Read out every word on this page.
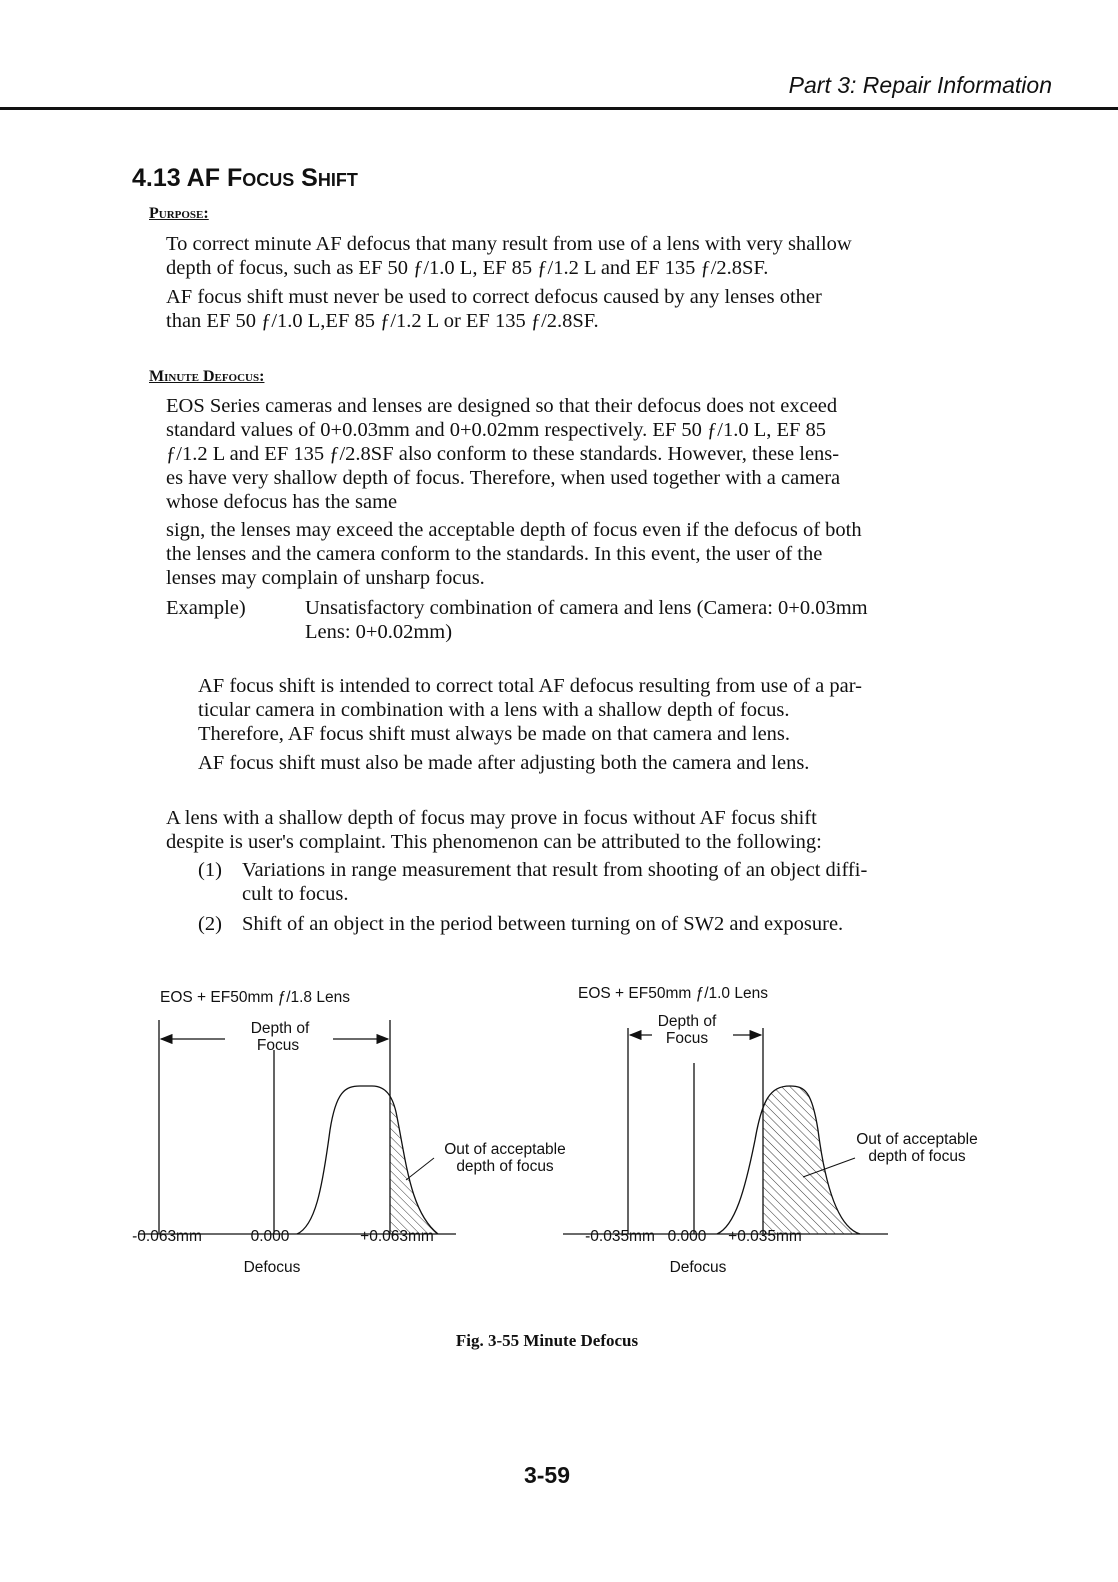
Part 3: Repair Information
4.13 AF Focus Shift
Purpose:
To correct minute AF defocus that many result from use of a lens with very shallow
depth of focus, such as EF 50 ƒ/1.0 L, EF 85 ƒ/1.2 L and EF 135 ƒ/2.8SF.
AF focus shift must never be used to correct defocus caused by any lenses other
than EF 50 ƒ/1.0 L,EF 85 ƒ/1.2 L or EF 135 ƒ/2.8SF.
Minute Defocus:
EOS Series cameras and lenses are designed so that their defocus does not exceed
standard values of 0+0.03mm and 0+0.02mm respectively. EF 50 ƒ/1.0 L, EF 85
ƒ/1.2 L and EF 135 ƒ/2.8SF also conform to these standards. However, these lens-
es have very shallow depth of focus. Therefore, when used together with a camera
whose defocus has the same
sign, the lenses may exceed the acceptable depth of focus even if the defocus of both
the lenses and the camera conform to the standards. In this event, the user of the
lenses may complain of unsharp focus.
Example)	Unsatisfactory combination of camera and lens (Camera: 0+0.03mm
Lens: 0+0.02mm)
AF focus shift is intended to correct total AF defocus resulting from use of a par-
ticular camera in combination with a lens with a shallow depth of focus.
Therefore, AF focus shift must always be made on that camera and lens.
AF focus shift must also be made after adjusting both the camera and lens.
A lens with a shallow depth of focus may prove in focus without AF focus shift
despite is user's complaint. This phenomenon can be attributed to the following:
(1) Variations in range measurement that result from shooting of an object diffi-
cult to focus.
(2) Shift of an object in the period between turning on of SW2 and exposure.
EOS + EF50mm ƒ/1.8 Lens
Depth of
Focus
Out of acceptable
depth of focus
-0.063mm	0.000	+0.063mm
Defocus
EOS + EF50mm ƒ/1.0 Lens
Depth of
Focus
Out of acceptable
depth of focus
-0.035mm 0.000 +0.035mm
Defocus
Fig. 3-55 Minute Defocus
3-59
